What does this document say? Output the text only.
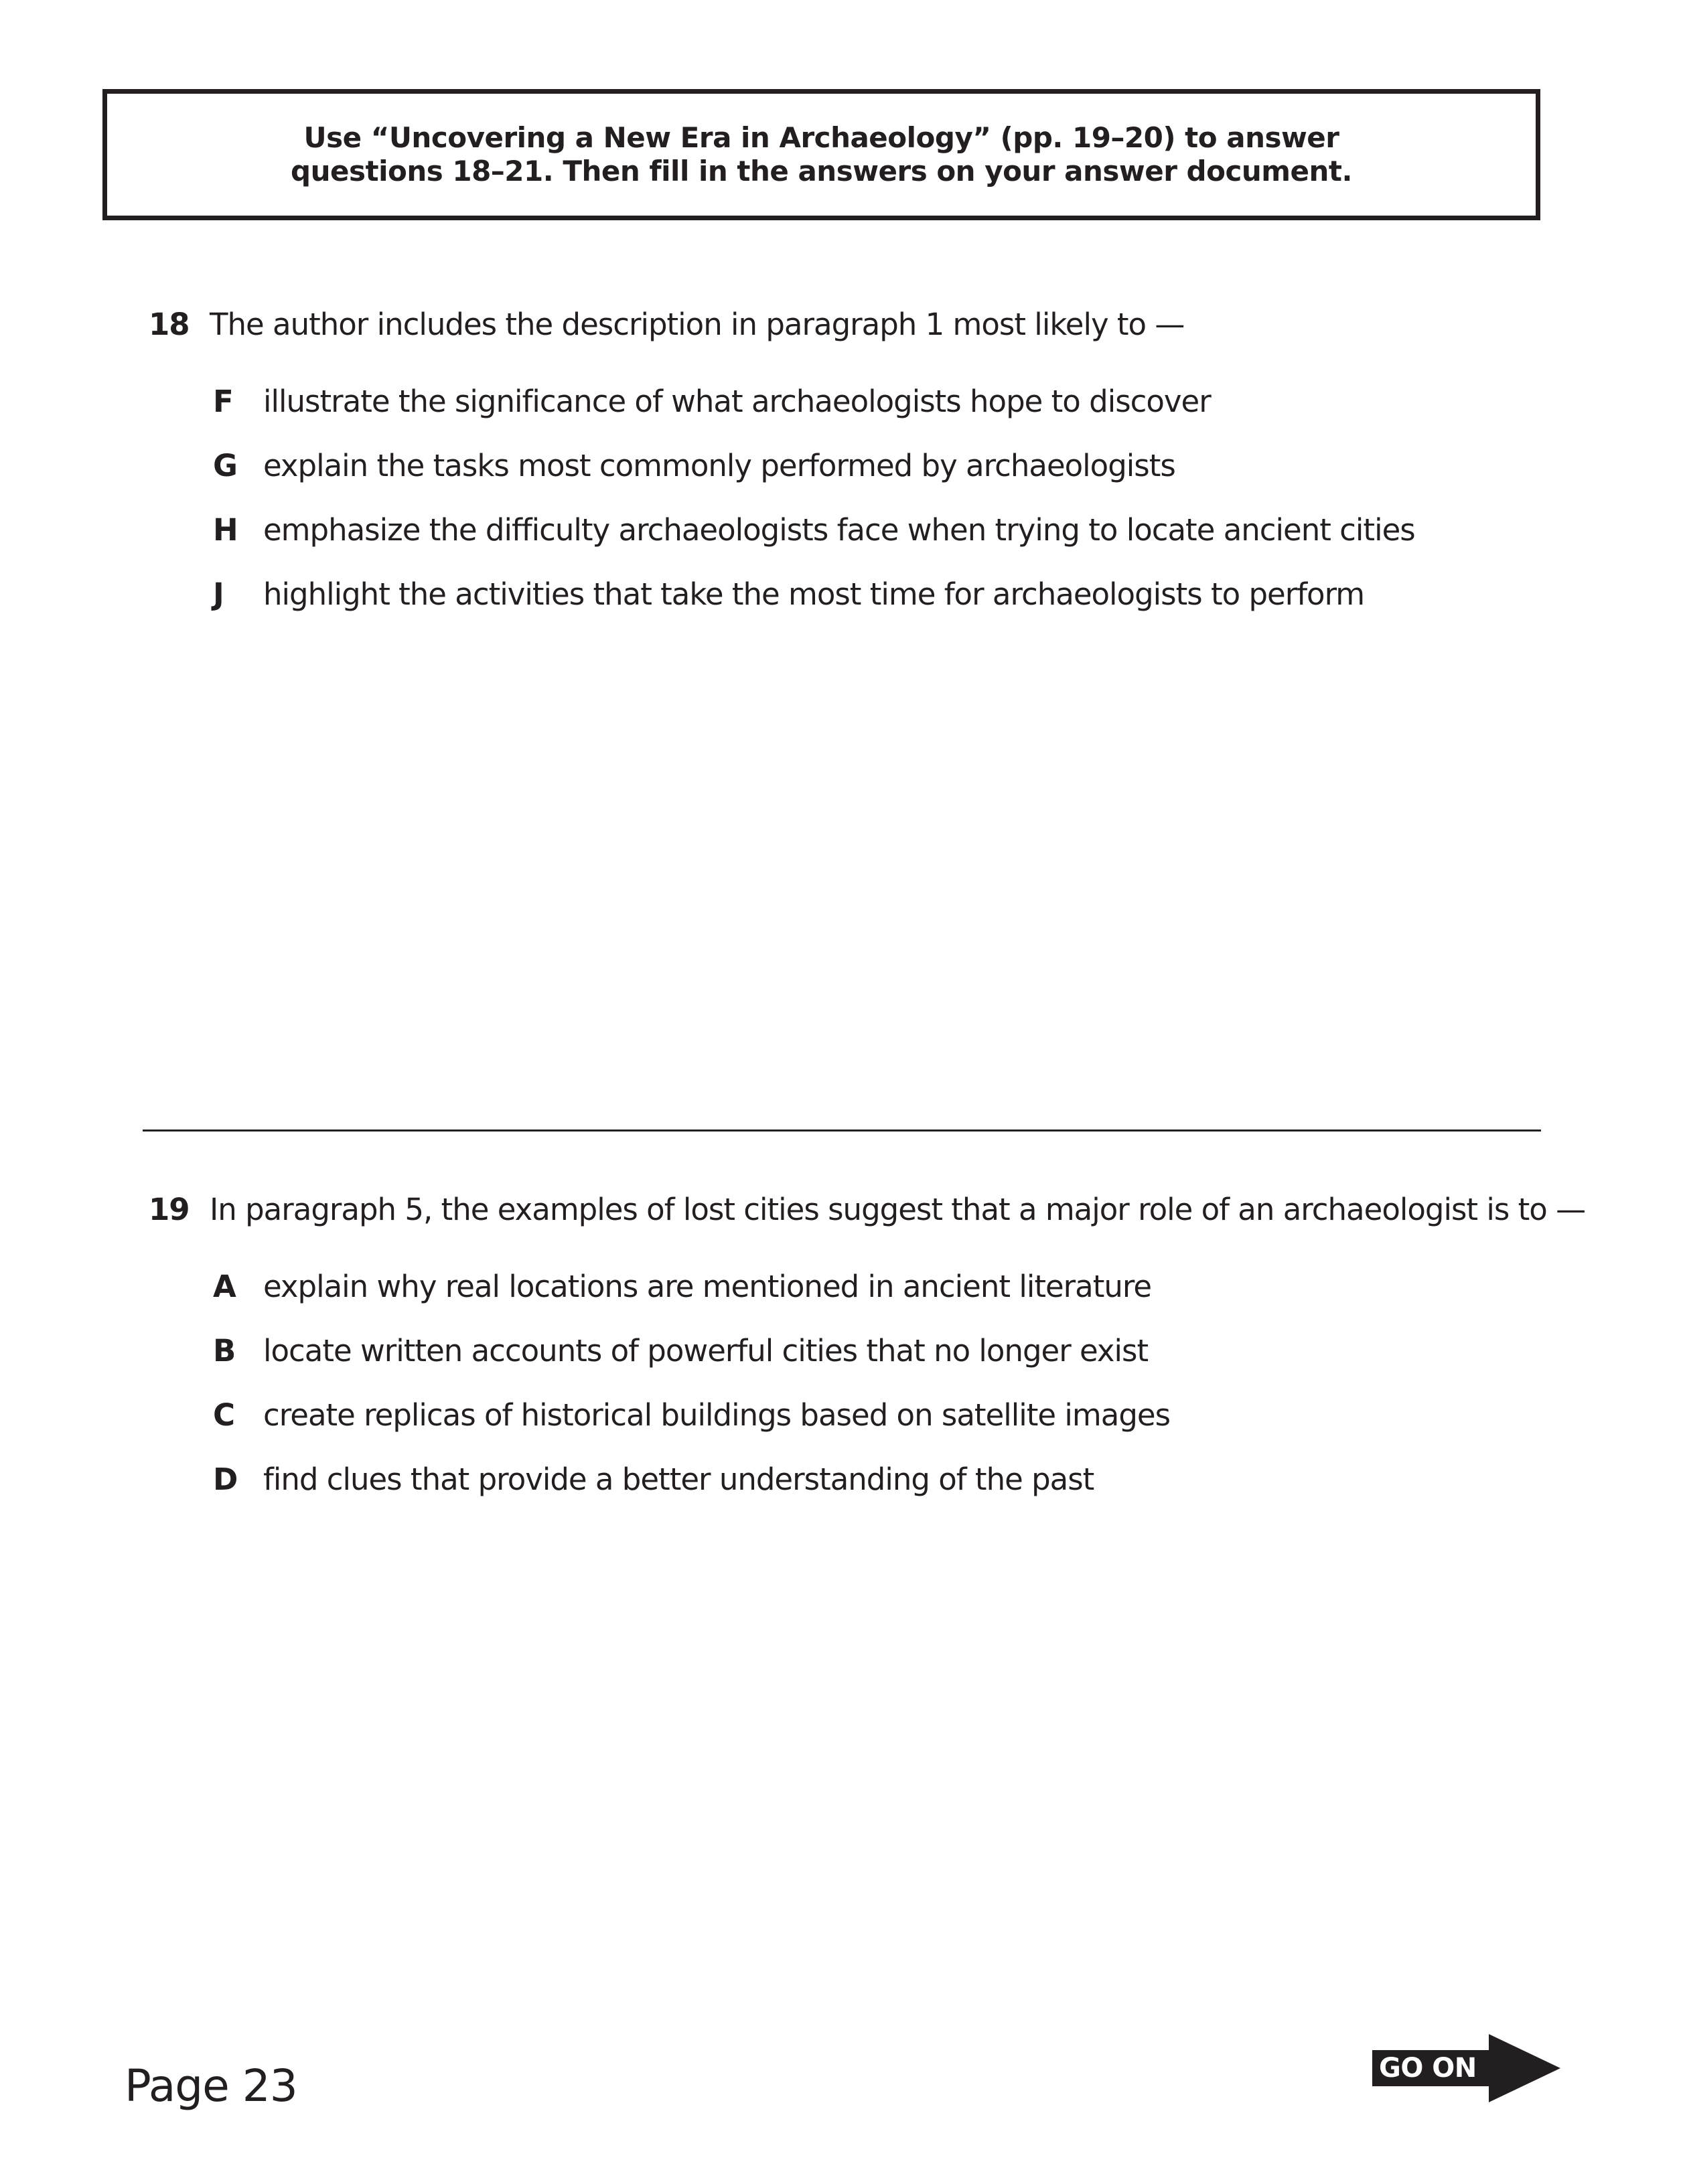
Use “Uncovering a New Era in Archaeology” (pp. 19–20) to answer
questions 18–21. Then fill in the answers on your answer document.
18 The author includes the description in paragraph 1 most likely to —
F	illustrate the significance of what archaeologists hope to discover
G explain the tasks most commonly performed by archaeologists
H emphasize the difficulty archaeologists face when trying to locate ancient cities
J	highlight the activities that take the most time for archaeologists to perform
19 In paragraph 5, the examples of lost cities suggest that a major role of an archaeologist is to —
A explain why real locations are mentioned in ancient literature
B locate written accounts of powerful cities that no longer exist
C create replicas of historical buildings based on satellite images
D find clues that provide a better understanding of the past
Page 23	GO ON
